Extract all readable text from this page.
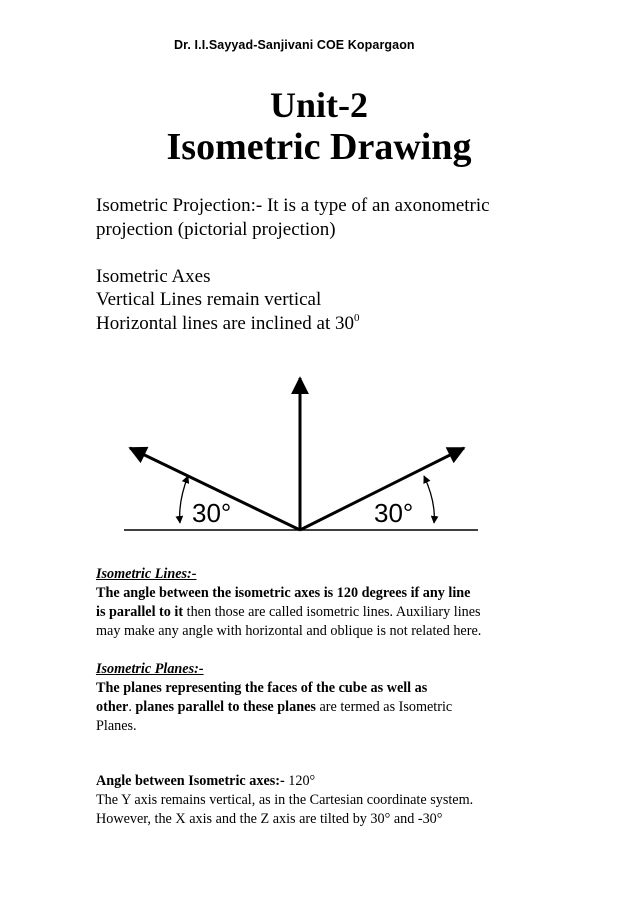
Dr. I.I.Sayyad-Sanjivani COE Kopargaon
Unit-2
Isometric Drawing

Isometric Projection:- It is a type of an axonometric

projection (pictorial projection)

Isometric Axes

Vertical Lines remain vertical

Horizontal lines are inclined at $30^0$

30°	30°

Isometric Lines:-

The angle between the isometric axes is 120 degrees if any line

is parallel to it then those are called isometric lines. Auxiliary lines

may make any angle with horizontal and oblique is not related here.

Isometric Planes:-

The planes representing the faces of the cube as well as

other. planes parallel to these planes are termed as Isometric

Planes.

Angle between Isometric axes:- 120°

The Y axis remains vertical, as in the Cartesian coordinate system.

However, the X axis and the Z axis are tilted by 30° and -30°
